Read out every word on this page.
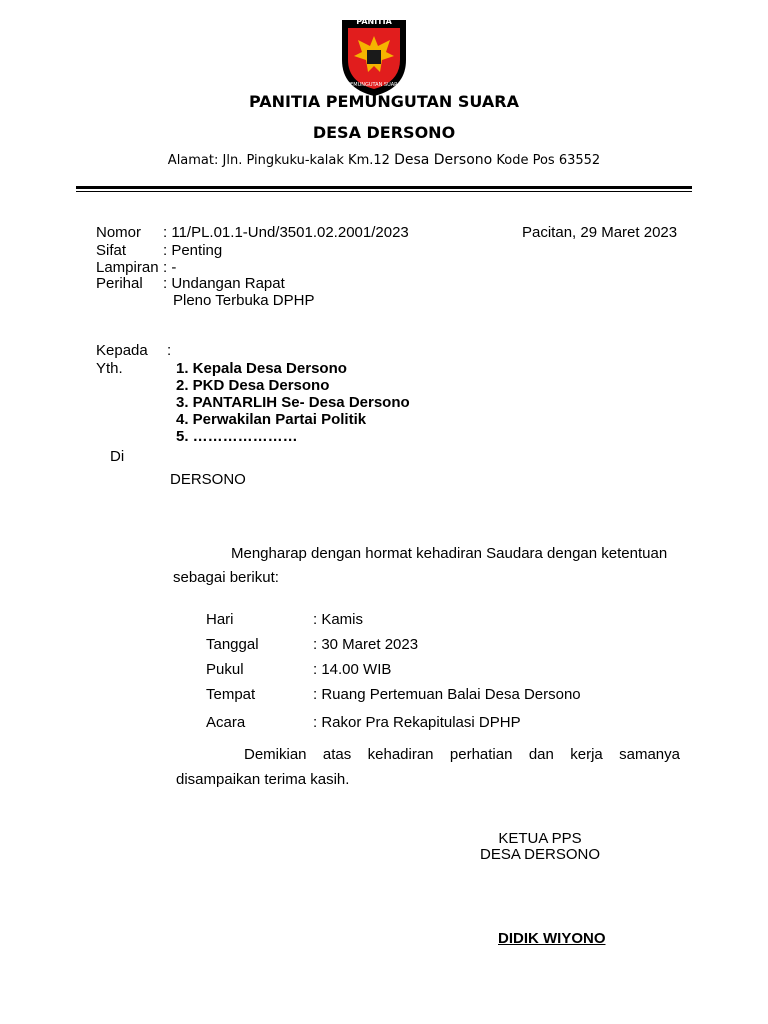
PANITIA
PEMUNGUTAN SUARA
PANITIA PEMUNGUTAN SUARA
DESA DERSONO
Alamat: Jln. Pingkuku-kalak Km.12 Desa Dersono Kode Pos 63552
Nomor : 11/PL.01.1-Und/3501.02.2001/2023	Pacitan, 29 Maret 2023
Sifat : Penting
Lampiran : -
Perihal : Undangan Rapat
Pleno Terbuka DPHP
Kepada :
Yth.	1. Kepala Desa Dersono
2. PKD Desa Dersono
3. PANTARLIH Se- Desa Dersono
4. Perwakilan Partai Politik
5. …………………
Di
DERSONO
Mengharap dengan hormat kehadiran Saudara dengan ketentuan
sebagai berikut:
Hari	: Kamis
Tanggal	: 30 Maret 2023
Pukul	: 14.00 WIB
Tempat	: Ruang Pertemuan Balai Desa Dersono
Acara	: Rakor Pra Rekapitulasi DPHP
Demikian atas kehadiran perhatian dan kerja samanya
disampaikan terima kasih.
KETUA PPS
DESA DERSONO
DIDIK WIYONO
